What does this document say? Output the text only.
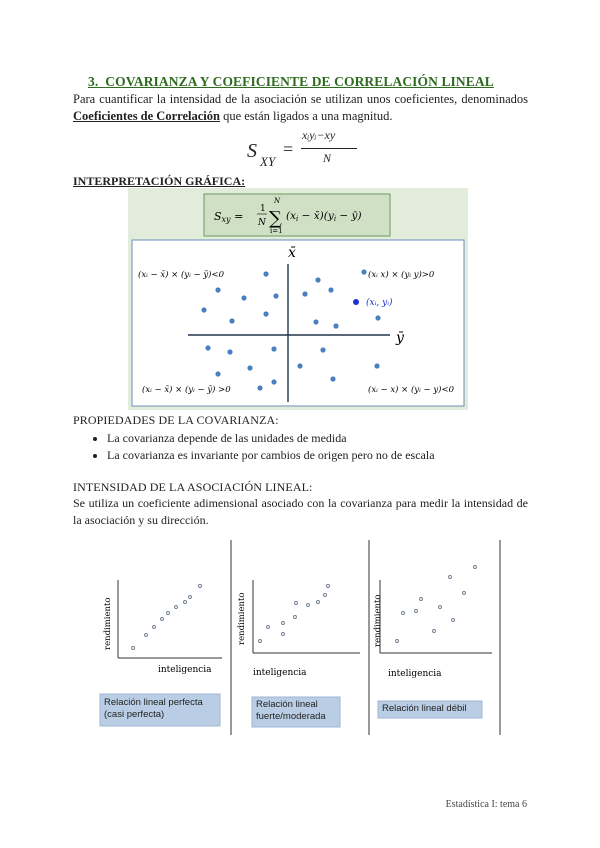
3. COVARIANZA Y COEFICIENTE DE CORRELACIÓN LINEAL
Para cuantificar la intensidad de la asociación se utilizan unos coeficientes, denominados Coeficientes de Correlación que están ligados a una magnitud.
S XY
=
xᵢyᵢ−xy
N
INTERPRETACIÓN GRÁFICA:
Sxy =
1
N ∑
N
i=1
(xi − x̄)(yi − ȳ)
x̄
ȳ
(xᵢ − x̄) × (yᵢ − ȳ)<0	(xᵢ x) × (yᵢ y)>0
(xᵢ − x̄) × (yᵢ − ȳ) >0	(xᵢ − x) × (yᵢ − y)<0
(xᵢ, yᵢ)
PROPIEDADES DE LA COVARIANZA:
• La covarianza depende de las unidades de medida
• La covarianza es invariante por cambios de origen pero no de escala
INTENSIDAD DE LA ASOCIACIÓN LINEAL:
Se utiliza un coeficiente adimensional asociado con la covarianza para medir la intensidad de la asociación y su dirección.
rendimiento
inteligencia
Relación lineal perfecta (casi perfecta)
rendimiento
inteligencia
Relación lineal fuerte/moderada
rendimiento
inteligencia
Relación lineal débil
Estadística I: tema 6
